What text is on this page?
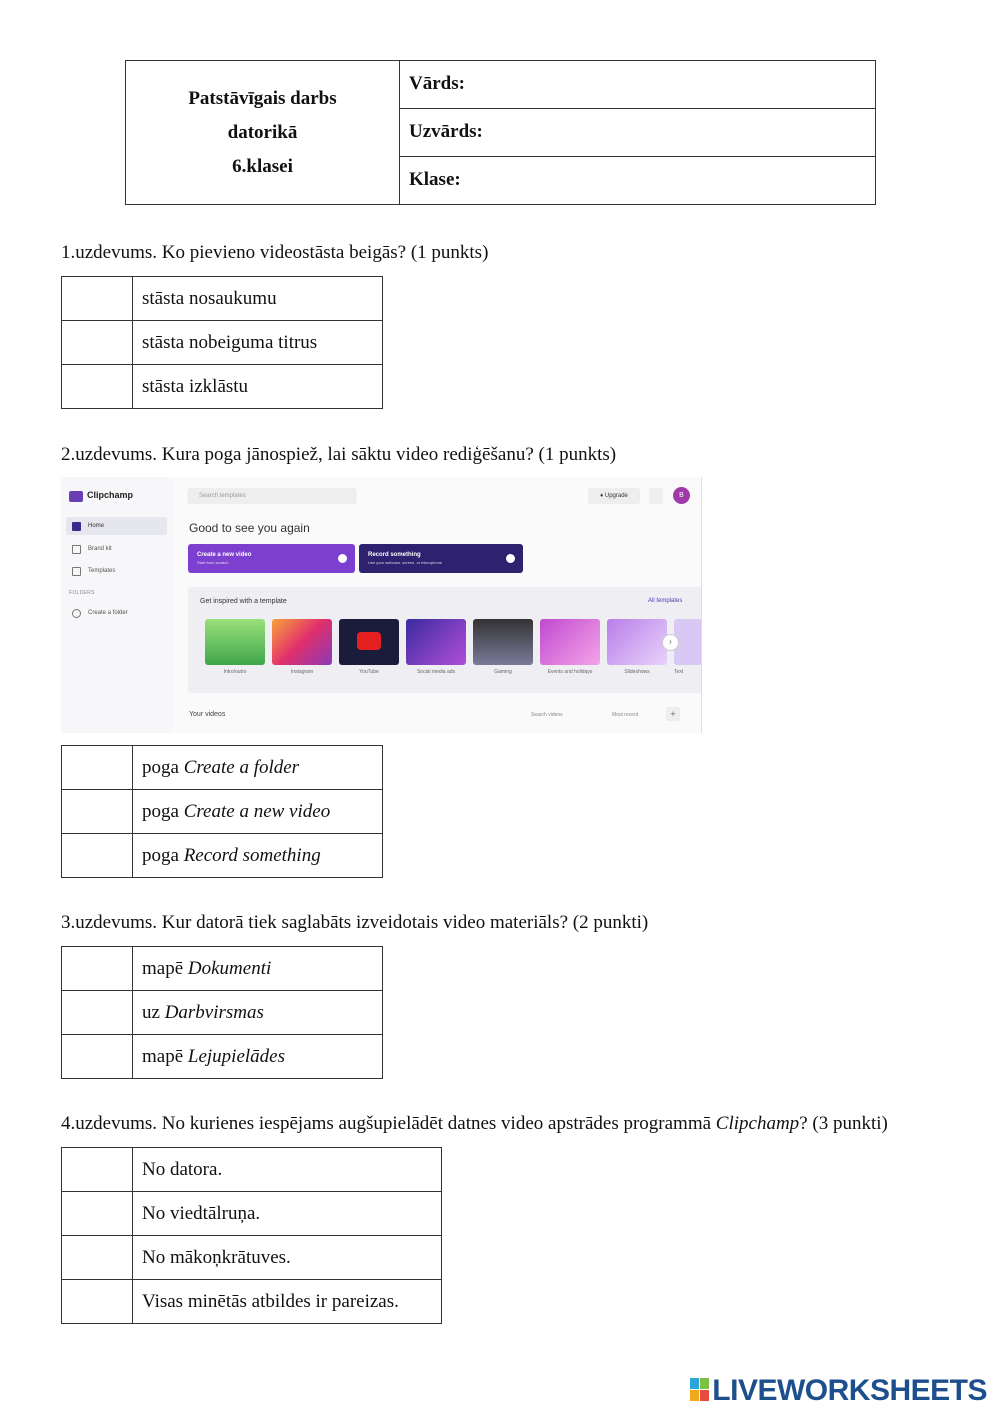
Patstāvīgais darbs
datorikā
6.klasei
	Vārds:
Uzvārds:
Klase:
1.uzdevums. Ko pievieno videostāsta beigās? (1 punkts)
	stāsta nosaukumu
	stāsta nobeiguma titrus
	stāsta izklāstu
2.uzdevums. Kura poga jānospiež, lai sāktu video rediģēšanu? (1 punkts)
Clipchamp
Home
Brand kit
Templates
FOLDERS
Create a folder
Search templates	♦ Upgrade	B
Good to see you again
Create a new video
Start from scratch
Record something
Use your webcam, screen, or microphone
Get inspired with a template	All templates
Intro/outro	Instagram	YouTube	Social media ads	Gaming	Events and holidays	Slideshows	Text
›
Your videos	Search videos	Most recent	+
	poga Create a folder
	poga Create a new video
	poga Record something
3.uzdevums. Kur datorā tiek saglabāts izveidotais video materiāls? (2 punkti)
	mapē Dokumenti
	uz Darbvirsmas
	mapē Lejupielādes
4.uzdevums. No kurienes iespējams augšupielādēt datnes video apstrādes programmā Clipchamp? (3 punkti)
	No datora.
	No viedtālruņa.
	No mākoņkrātuves.
	Visas minētās atbildes ir pareizas.
LIVEWORKSHEETS
